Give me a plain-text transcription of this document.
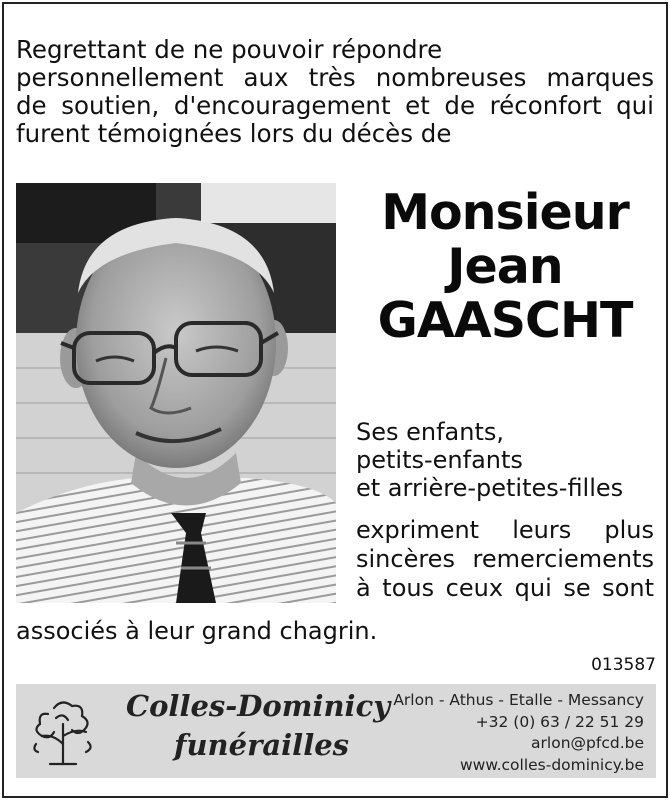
Regrettant de ne pouvoir répondre
personnellement aux très nombreuses marques
de soutien, d'encouragement et de réconfort qui
furent témoignées lors du décès de
Monsieur
Jean
GAASCHT
Ses enfants,
petits-enfants
et arrière-petites-filles
expriment leurs plus
sincères remerciements
à tous ceux qui se sont
associés à leur grand chagrin.
013587
Colles-Dominicy
funérailles
Arlon - Athus - Etalle - Messancy
+32 (0) 63 / 22 51 29
arlon@pfcd.be
www.colles-dominicy.be
